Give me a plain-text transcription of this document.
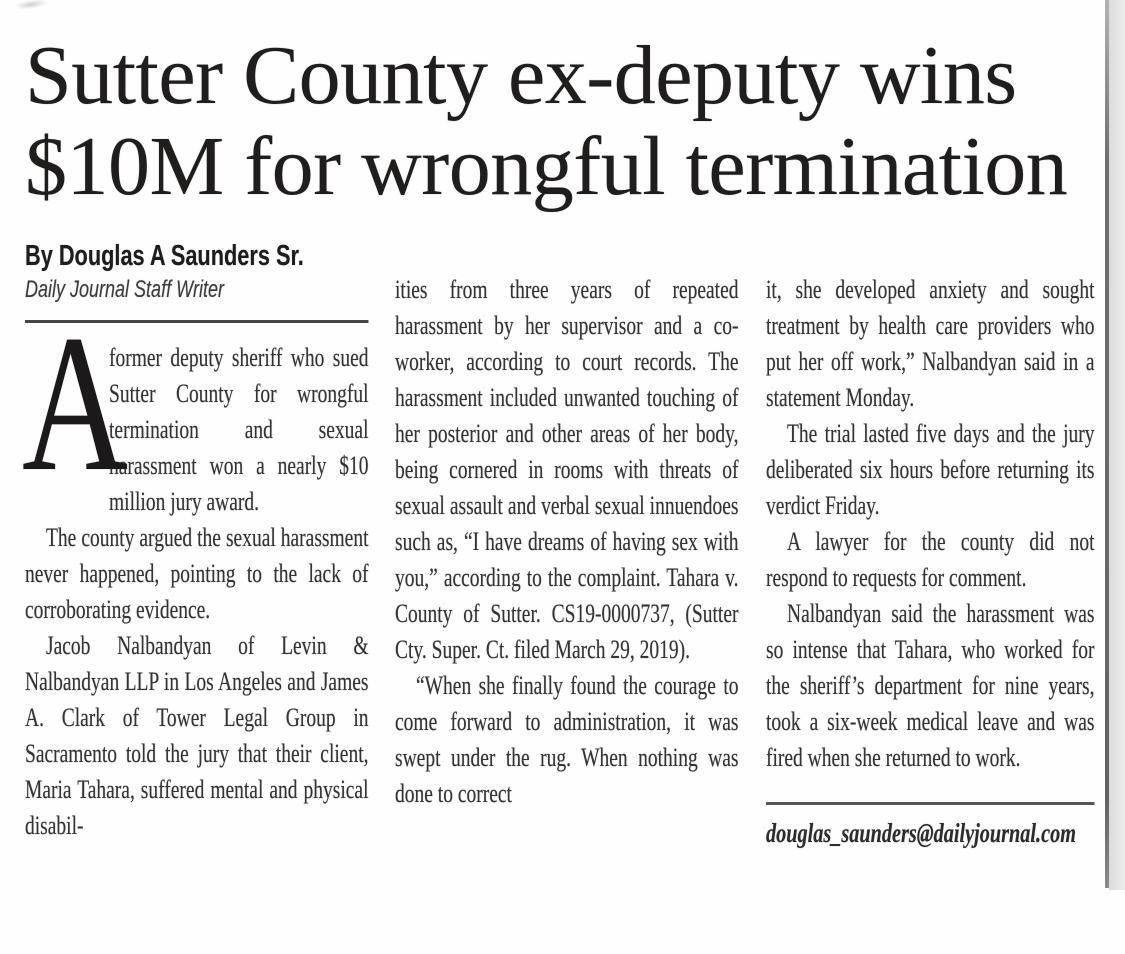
Sutter County ex-deputy wins
$10M for wrongful termination
By Douglas A Saunders Sr.
Daily Journal Staff Writer

A
former deputy sheriff who sued Sutter County for wrongful termination and sexual harassment won a nearly $10 million jury award.

The county argued the sexual harassment never happened, pointing to the lack of corroborating evidence.

Jacob Nalbandyan of Levin & Nalbandyan LLP in Los Angeles and James A. Clark of Tower Legal Group in Sacramento told the jury that their client, Maria Tahara, suffered mental and physical disabil-

ities from three years of repeated harassment by her supervisor and a co-worker, according to court records. The harassment included unwanted touching of her posterior and other areas of her body, being cornered in rooms with threats of sexual assault and verbal sexual innuendoes such as, “I have dreams of having sex with you,” according to the complaint. Tahara v. County of Sutter. CS19-0000737, (Sutter Cty. Super. Ct. filed March 29, 2019).

“When she finally found the courage to come forward to administration, it was swept under the rug. When nothing was done to correct

it, she developed anxiety and sought treatment by health care providers who put her off work,” Nalbandyan said in a statement Monday.

The trial lasted five days and the jury deliberated six hours before returning its verdict Friday.

A lawyer for the county did not respond to requests for comment.

Nalbandyan said the harassment was so intense that Tahara, who worked for the sheriff’s department for nine years, took a six-week medical leave and was fired when she returned to work.

douglas_saunders@dailyjournal.com
